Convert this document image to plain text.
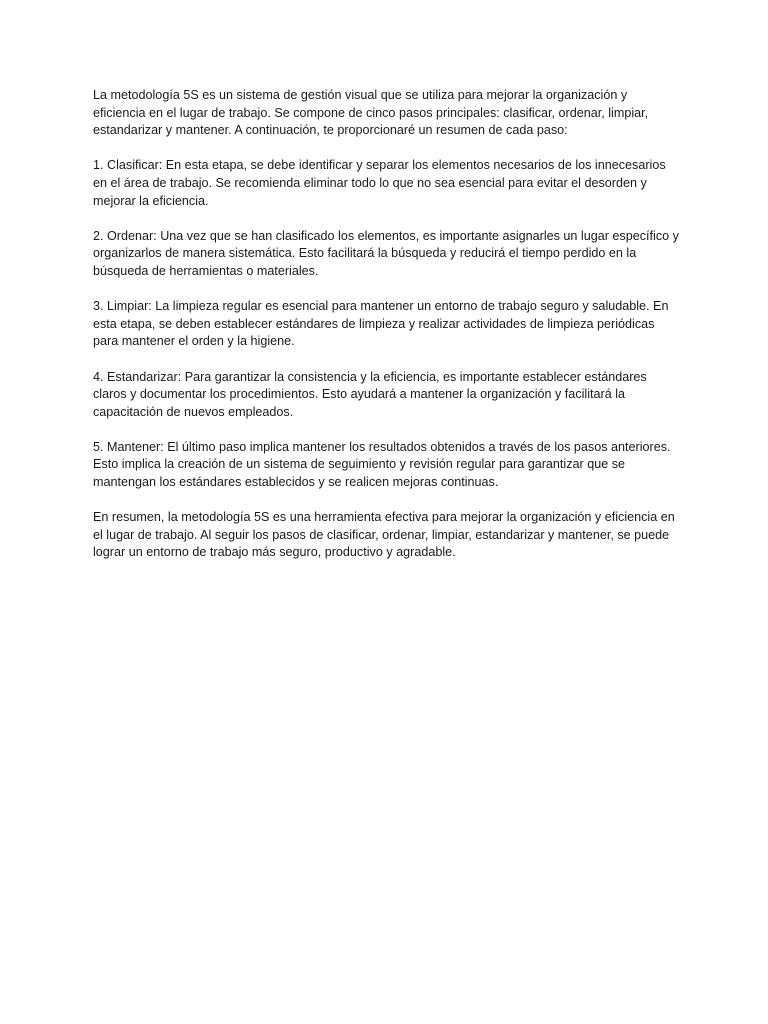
La metodología 5S es un sistema de gestión visual que se utiliza para mejorar la organización y eficiencia en el lugar de trabajo. Se compone de cinco pasos principales: clasificar, ordenar, limpiar, estandarizar y mantener. A continuación, te proporcionaré un resumen de cada paso:

1. Clasificar: En esta etapa, se debe identificar y separar los elementos necesarios de los innecesarios en el área de trabajo. Se recomienda eliminar todo lo que no sea esencial para evitar el desorden y mejorar la eficiencia.

2. Ordenar: Una vez que se han clasificado los elementos, es importante asignarles un lugar específico y organizarlos de manera sistemática. Esto facilitará la búsqueda y reducirá el tiempo perdido en la búsqueda de herramientas o materiales.

3. Limpiar: La limpieza regular es esencial para mantener un entorno de trabajo seguro y saludable. En esta etapa, se deben establecer estándares de limpieza y realizar actividades de limpieza periódicas para mantener el orden y la higiene.

4. Estandarizar: Para garantizar la consistencia y la eficiencia, es importante establecer estándares claros y documentar los procedimientos. Esto ayudará a mantener la organización y facilitará la capacitación de nuevos empleados.

5. Mantener: El último paso implica mantener los resultados obtenidos a través de los pasos anteriores. Esto implica la creación de un sistema de seguimiento y revisión regular para garantizar que se mantengan los estándares establecidos y se realicen mejoras continuas.

En resumen, la metodología 5S es una herramienta efectiva para mejorar la organización y eficiencia en el lugar de trabajo. Al seguir los pasos de clasificar, ordenar, limpiar, estandarizar y mantener, se puede lograr un entorno de trabajo más seguro, productivo y agradable.
